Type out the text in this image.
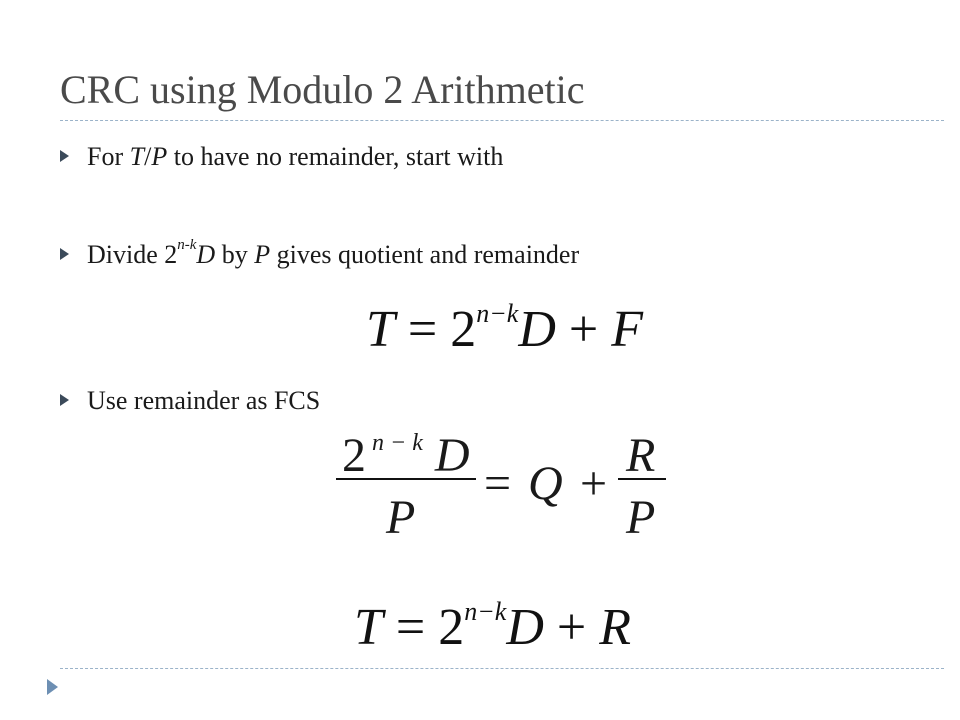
CRC using Modulo 2 Arithmetic
For T/P to have no remainder, start with
Divide 2$^{n-k}$D by P gives quotient and remainder
$T = 2^{n-k}D + F$
Use remainder as FCS
2 $^{n - k}$ D
P
= Q +
R
P
$T = 2^{n-k}D + R$
